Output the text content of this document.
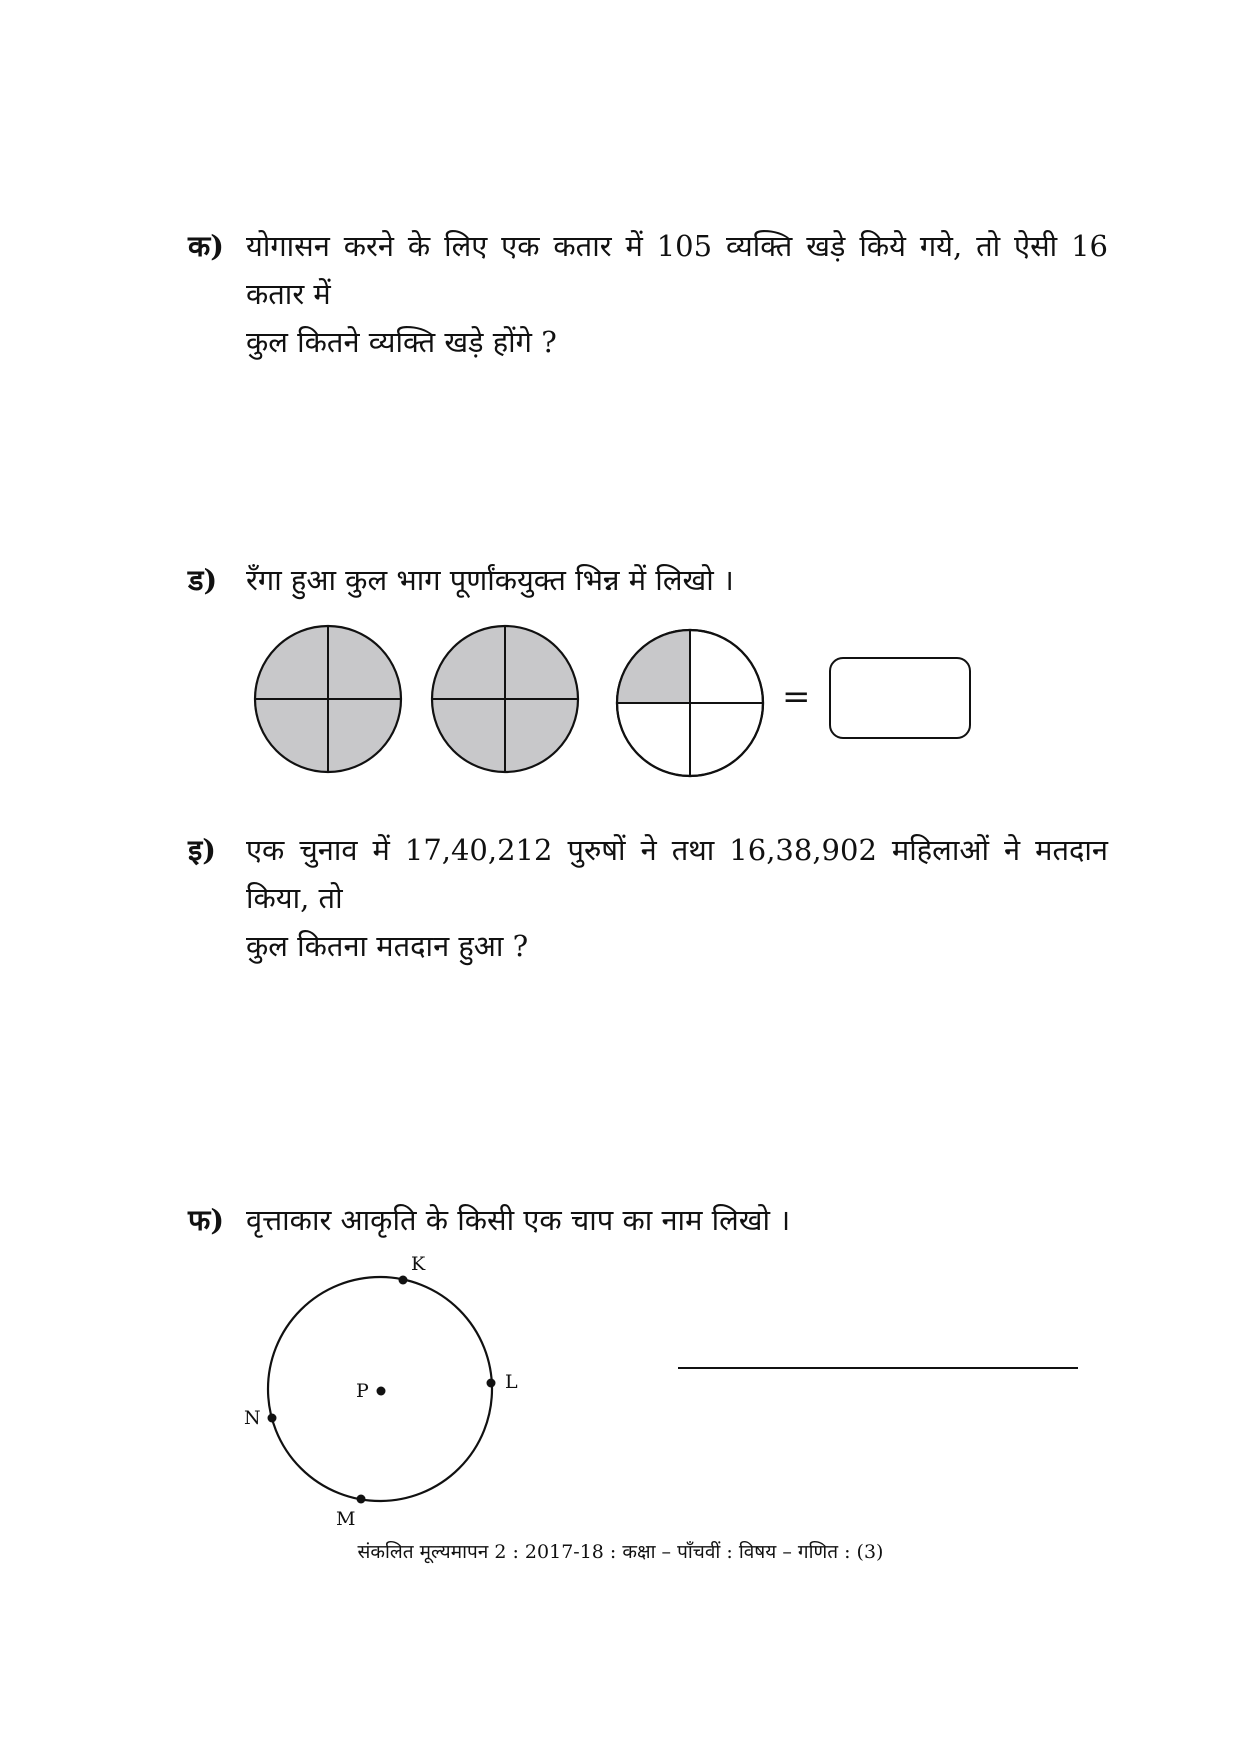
क) योगासन करने के लिए एक कतार में 105 व्यक्ति खड़े किये गये, तो ऐसी 16 कतार में
कुल कितने व्यक्ति खड़े होंगे ?
ड) रँगा हुआ कुल भाग पूर्णांकयुक्त भिन्न में लिखो ।
=
इ) एक चुनाव में 17,40,212 पुरुषों ने तथा 16,38,902 महिलाओं ने मतदान किया, तो
कुल कितना मतदान हुआ ?
फ) वृत्ताकार आकृति के किसी एक चाप का नाम लिखो ।
K
L
M
N
P
संकलित मूल्यमापन 2 : 2017-18 : कक्षा – पाँचवीं : विषय – गणित : (3)
